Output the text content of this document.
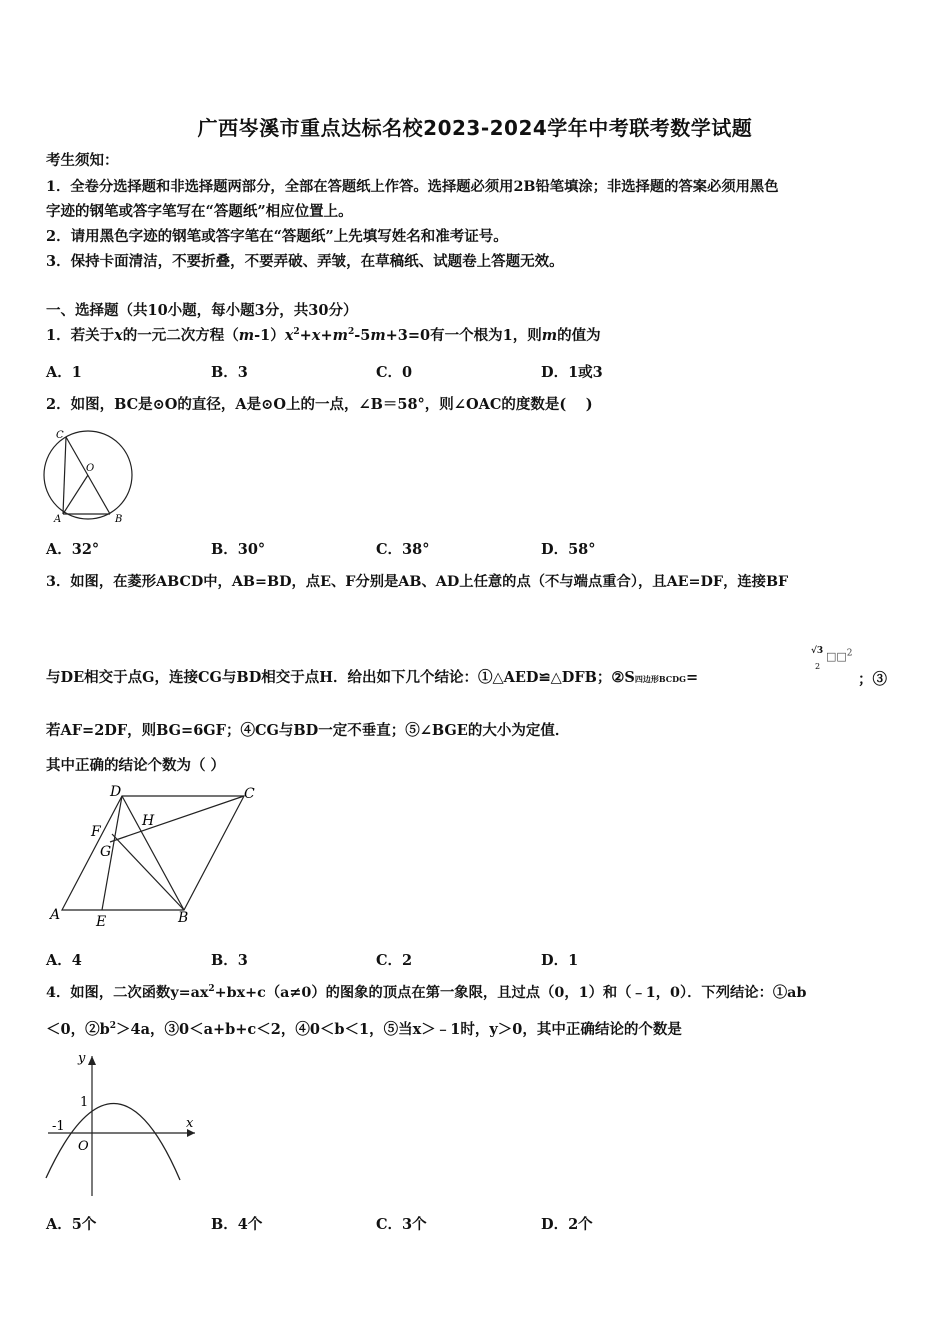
广西岑溪市重点达标名校2023-2024学年中考联考数学试题
考生须知：
1．全卷分选择题和非选择题两部分，全部在答题纸上作答。选择题必须用2B铅笔填涂；非选择题的答案必须用黑色
字迹的钢笔或答字笔写在“答题纸”相应位置上。
2．请用黑色字迹的钢笔或答字笔在“答题纸”上先填写姓名和准考证号。
3．保持卡面清洁，不要折叠，不要弄破、弄皱，在草稿纸、试题卷上答题无效。
一、选择题（共10小题，每小题3分，共30分）
1．若关于x的一元二次方程$(m-1)x^2+x+m^2-5m+3=0$有一个根为1，则m的值为
A．1	B．3	C．0	D．1或3
2．如图，BC是⊙O的直径，A是⊙O上的一点，∠B＝58°，则∠OAC的度数是(　 )
C
O
A	B
A．32°	B．30°	C．38°	D．58°
3．如图，在菱形ABCD中，AB=BD，点E、F分别是AB、AD上任意的点（不与端点重合），且AE=DF，连接BF
与DE相交于点G，连接CG与BD相交于点H．给出如下几个结论：①△AED≌△DFB；②S四边形BCDG=
√3
2
□□$^2$
；③
若AF=2DF，则BG=6GF；④CG与BD一定不垂直；⑤∠BGE的大小为定值．
其中正确的结论个数为（ ）
D	C
H
F
G
A	E	B
A．4	B．3	C．2	D．1
4．如图，二次函数$y=ax^2+bx+c(a\ne 0)$的图象的顶点在第一象限，且过点（0，1）和（﹣1，0）．下列结论：①ab
＜0，$②b^2>4a$，③0＜a+b+c＜2，④0＜b＜1，⑤当x＞﹣1时，y＞0，其中正确结论的个数是
y
x
1
-1
O
A．5个	B．4个	C．3个	D．2个
